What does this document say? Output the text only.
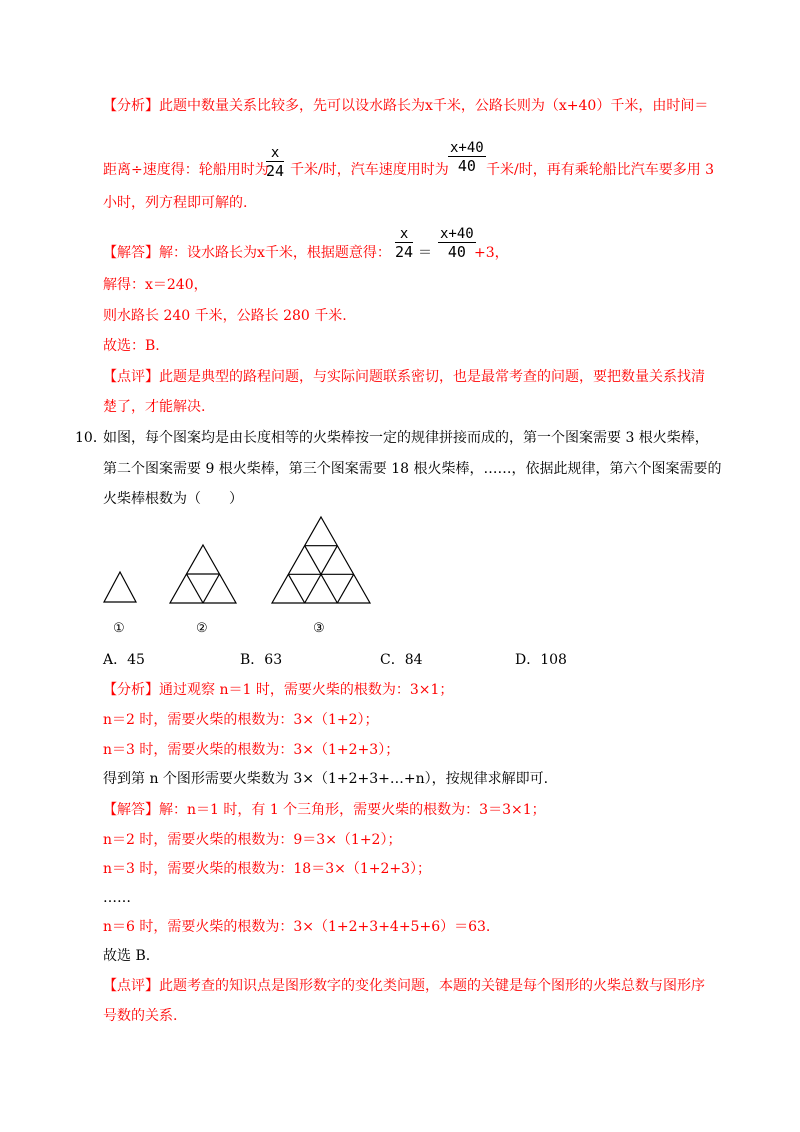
【分析】此题中数量关系比较多，先可以设水路长为x千米，公路长则为（x+40）千米，由时间＝
距离÷速度得：轮船用时为
$\frac{x}{24}$ 千米/时，汽车速度用时为 $\frac{x+40}{40}$ 千米/时，再有乘轮船比汽车要多用 3
小时，列方程即可解的.
【解答】解：设水路长为x千米，根据题意得： $\frac{x}{24} = \frac{x+40}{40}$
+3，
解得：x＝240，
则水路长 240 千米，公路长 280 千米.
故选：B.
【点评】此题是典型的路程问题，与实际问题联系密切，也是最常考查的问题，要把数量关系找清
楚了，才能解决.
10．
如图，每个图案均是由长度相等的火柴棒按一定的规律拼接而成的，第一个图案需要 3 根火柴棒，
第二个图案需要 9 根火柴棒，第三个图案需要 18 根火柴棒，……，依据此规律，第六个图案需要的
火柴棒根数为（　　）
①	②	③
A．45	B．63	C．84	D．108
【分析】通过观察 n＝1 时，需要火柴的根数为：3×1；
n＝2 时，需要火柴的根数为：3×（1+2）；
n＝3 时，需要火柴的根数为：3×（1+2+3）；
得到第 n 个图形需要火柴数为 3×（1+2+3+…+n），按规律求解即可.
【解答】解：n＝1 时，有 1 个三角形，需要火柴的根数为：3＝3×1；
n＝2 时，需要火柴的根数为：9＝3×（1+2）；
n＝3 时，需要火柴的根数为：18＝3×（1+2+3）；
……
n＝6 时，需要火柴的根数为：3×（1+2+3+4+5+6）＝63.
故选 B.
【点评】此题考查的知识点是图形数字的变化类问题，本题的关键是每个图形的火柴总数与图形序
号数的关系.
